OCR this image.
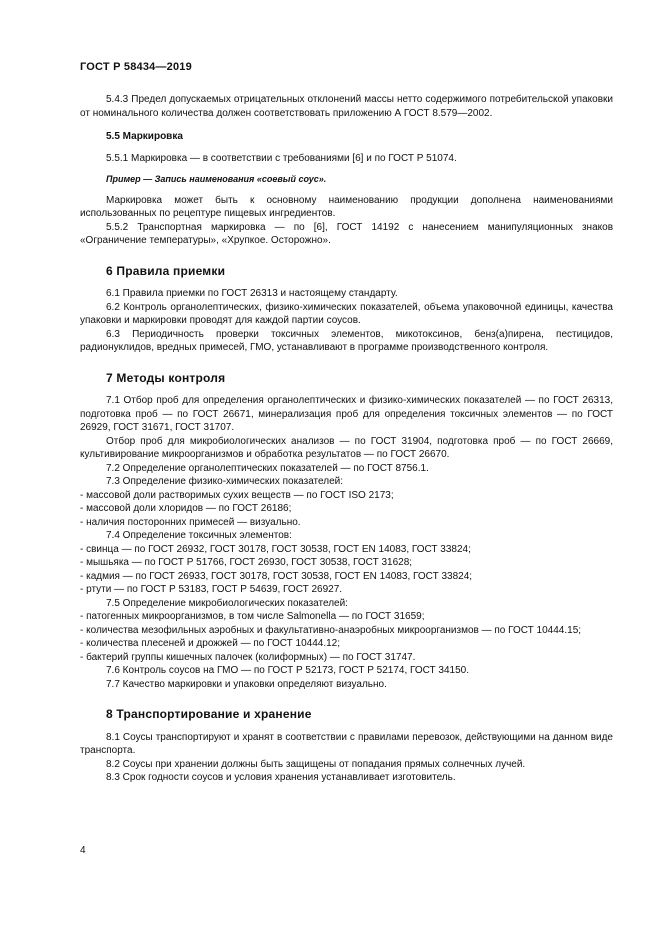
ГОСТ Р 58434—2019

5.4.3 Предел допускаемых отрицательных отклонений массы нетто содержимого потребительской упаковки от номинального количества должен соответствовать приложению А ГОСТ 8.579—2002.

5.5 Маркировка

5.5.1 Маркировка — в соответствии с требованиями [6] и по ГОСТ Р 51074.

Пример — Запись наименования «соевый соус».

Маркировка может быть к основному наименованию продукции дополнена наименованиями использованных по рецептуре пищевых ингредиентов.

5.5.2 Транспортная маркировка — по [6], ГОСТ 14192 с нанесением манипуляционных знаков «Ограничение температуры», «Хрупкое. Осторожно».

6 Правила приемки

6.1 Правила приемки по ГОСТ 26313 и настоящему стандарту.

6.2 Контроль органолептических, физико-химических показателей, объема упаковочной единицы, качества упаковки и маркировки проводят для каждой партии соусов.

6.3 Периодичность проверки токсичных элементов, микотоксинов, бенз(а)пирена, пестицидов, радионуклидов, вредных примесей, ГМО, устанавливают в программе производственного контроля.

7 Методы контроля

7.1 Отбор проб для определения органолептических и физико-химических показателей — по ГОСТ 26313, подготовка проб — по ГОСТ 26671, минерализация проб для определения токсичных элементов — по ГОСТ 26929, ГОСТ 31671, ГОСТ 31707.

Отбор проб для микробиологических анализов — по ГОСТ 31904, подготовка проб — по ГОСТ 26669, культивирование микроорганизмов и обработка результатов — по ГОСТ 26670.

7.2 Определение органолептических показателей — по ГОСТ 8756.1.

7.3 Определение физико-химических показателей:

- массовой доли растворимых сухих веществ — по ГОСТ ISO 2173;

- массовой доли хлоридов — по ГОСТ 26186;

- наличия посторонних примесей — визуально.

7.4 Определение токсичных элементов:

- свинца — по ГОСТ 26932, ГОСТ 30178, ГОСТ 30538, ГОСТ EN 14083, ГОСТ 33824;

- мышьяка — по ГОСТ Р 51766, ГОСТ 26930, ГОСТ 30538, ГОСТ 31628;

- кадмия — по ГОСТ 26933, ГОСТ 30178, ГОСТ 30538, ГОСТ EN 14083, ГОСТ 33824;

- ртути — по ГОСТ Р 53183, ГОСТ Р 54639, ГОСТ 26927.

7.5 Определение микробиологических показателей:

- патогенных микроорганизмов, в том числе Salmonella — по ГОСТ 31659;

- количества мезофильных аэробных и факультативно-анаэробных микроорганизмов — по ГОСТ 10444.15;

- количества плесеней и дрожжей — по ГОСТ 10444.12;

- бактерий группы кишечных палочек (колиформных) — по ГОСТ 31747.

7.6 Контроль соусов на ГМО — по ГОСТ Р 52173, ГОСТ Р 52174, ГОСТ 34150.

7.7 Качество маркировки и упаковки определяют визуально.

8 Транспортирование и хранение

8.1 Соусы транспортируют и хранят в соответствии с правилами перевозок, действующими на данном виде транспорта.

8.2 Соусы при хранении должны быть защищены от попадания прямых солнечных лучей.

8.3 Срок годности соусов и условия хранения устанавливает изготовитель.

4
